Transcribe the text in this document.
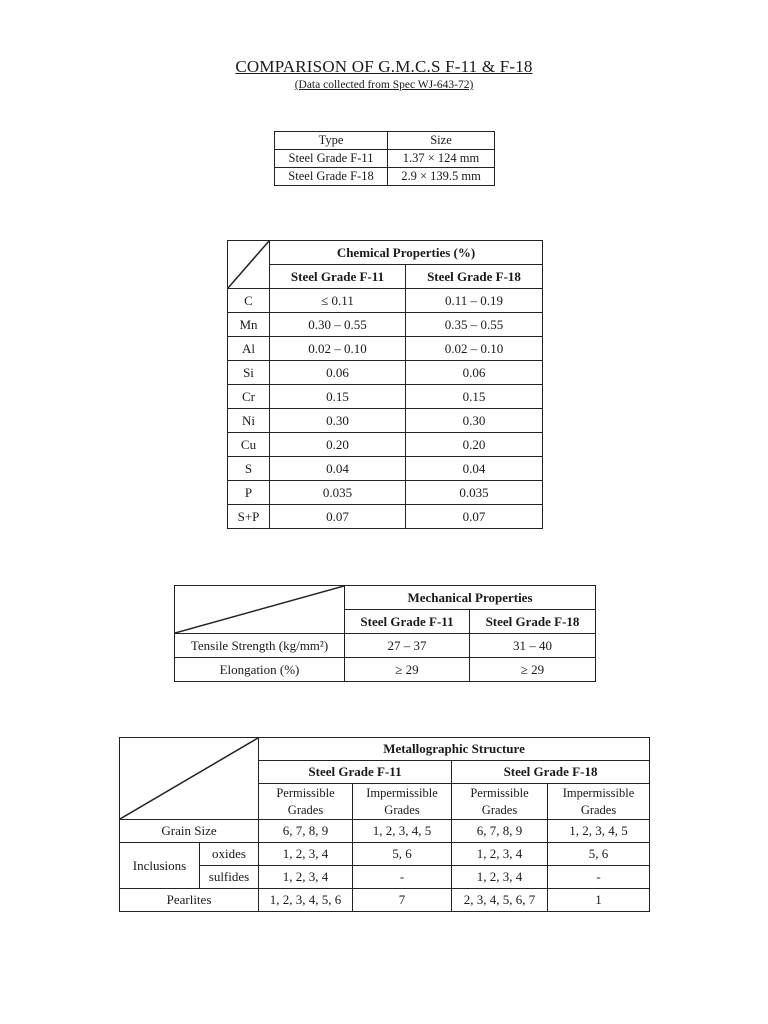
COMPARISON OF G.M.C.S F-11 & F-18
(Data collected from Spec WJ-643-72)
Type	Size
Steel Grade F-11	1.37 × 124 mm
Steel Grade F-18	2.9 × 139.5 mm
	Chemical Properties (%)	
	Steel Grade F-11	Steel Grade F-18
C	≤ 0.11	0.11 – 0.19
Mn	0.30 – 0.55	0.35 – 0.55
Al	0.02 – 0.10	0.02 – 0.10
Si	0.06	0.06
Cr	0.15	0.15
Ni	0.30	0.30
Cu	0.20	0.20
S	0.04	0.04
P	0.035	0.035
S+P	0.07	0.07
	Mechanical Properties	
	Steel Grade F-11	Steel Grade F-18
Tensile Strength (kg/mm²)	27 – 37	31 – 40
Elongation (%)	≥ 29	≥ 29
	Metallographic Structure			
		Steel Grade F-11		Steel Grade F-18	
		Permissible Grades	Impermissible Grades	Permissible Grades	Impermissible Grades
Grain Size		6, 7, 8, 9	1, 2, 3, 4, 5	6, 7, 8, 9	1, 2, 3, 4, 5
Inclusions	oxides	1, 2, 3, 4	5, 6	1, 2, 3, 4	5, 6
	sulfides	1, 2, 3, 4	-	1, 2, 3, 4	-
Pearlites		1, 2, 3, 4, 5, 6	7	2, 3, 4, 5, 6, 7	1
